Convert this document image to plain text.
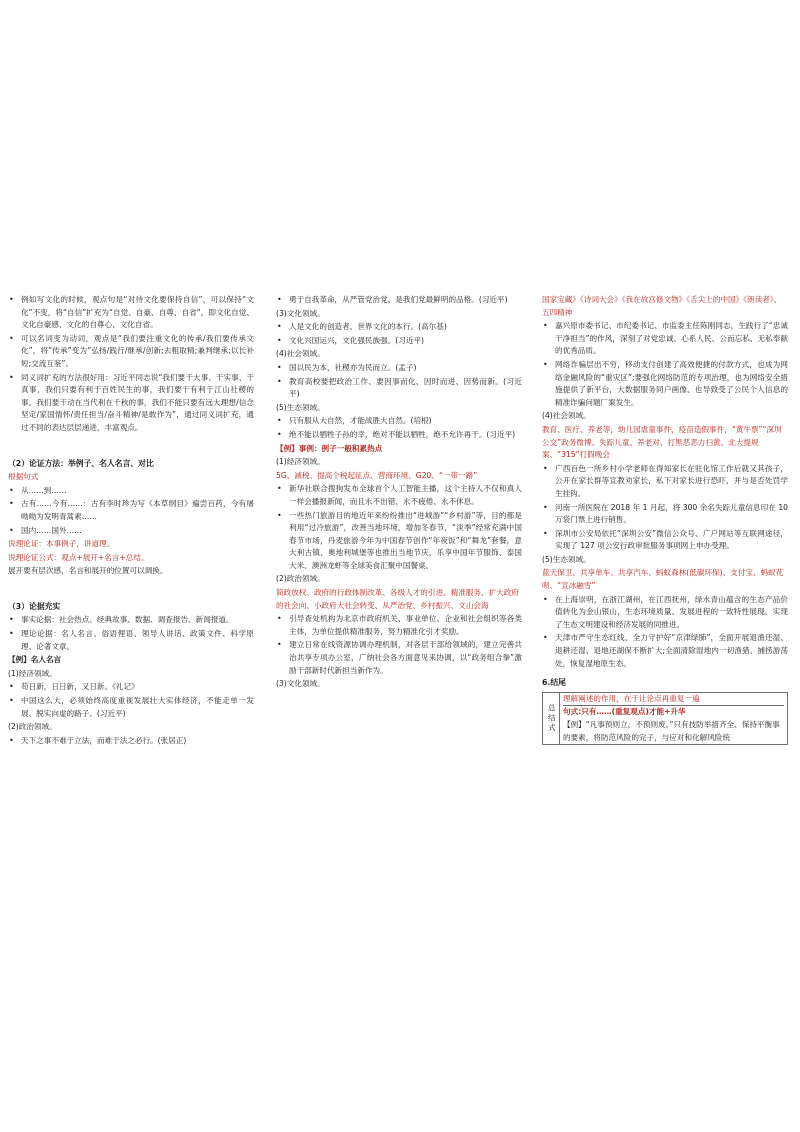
• 例如写文化的时候，观点句是“对待文化要保持自信”，可以保持“文化”不变，将“自信”扩充为“自觉、自豪、自尊、自省”，即文化自觉、文化自豪感、文化的自尊心、文化自省。
• 可以名词变为动词，观点是“我们要注重文化的传承/我们要传承文化”，将“传承”变为“弘扬/践行/继承/创新;去粗取精;兼判继承;以长补短;交流互鉴”。
• 同义词扩充的方法很好用：习近平同志说“我们要干大事、干实事、干真事，我们只要有利于百姓民生的事，我们要干有利于江山社稷的事。我们要干动在当代利在千秋的事，我们不能只要有远大理想/信念坚定/家国情怀/责任担当/奋斗精神/是敢作为”，通过同义词扩充，通过不同的表达层层递进，丰富观点。
（2）论证方法：举例子、名人名言、对比
根据句式
• 从……到……
• 古有……今有……：古有李时珍为写《本草纲目》遍尝百药，今有屠呦呦为发明青蒿素……
• 国内……国外……
说理论证：本事例子，讲道理。
说理论证公式：观点+展开+名言+总结。
展开要有层次感，名言和展开的位置可以调换。
（3）论据充实
• 事实论据：社会热点、经典故事、数据、调查报告、新闻报道。
• 理论论据：名人名言、俗语俚语、领导人讲话、政策文件、科学原理、论著文章。
【例】名人名言
(1)经济领域。
• 苟日新，日日新，又日新。《礼记》
• 中国这么大，必须始终高度重视发展壮大实体经济，不能走单一发展、脱实向虚的路子。(习近平)
(2)政治领域。
• 天下之事不难于立法，而难于法之必行。(张居正)
• 勇于自我革命，从严管党治党，是我们党最鲜明的品格。(习近平)
(3)文化领域。
• 人是文化的创造者、世界文化的本行。(高尔基)
• 文化兴国运兴，文化强民族强。(习近平)
(4)社会领域。
• 国以民为本，社稷亦为民而立。(孟子)
• 教育高校要把政治工作、要因事而化、因时而进、因势而新。(习近平)
(5)生态领域。
• 只有服从大自然，才能战胜大自然。(培根)
• 绝不能以牺牲子孙的幸，绝对不能以牺牲，绝不允许再干。(习近平)
【例】事例：例子一般积累热点
(1)经济领域。
5G、减税、提高个税起征点、营商环境、G20、“一带一路”
• 新华社联合搜狗发布全球首个人工智能主播，这个主持人不仅和真人一样会播报新闻，而且永不出错、永不疲倦、永不休息。
• 一些热门旅游目的地近年来纷纷推出“进城游”“乡村游”等，目的都是利用“过冷旅游”，改善当地环境，增加冬春节，“淡季”经常充满中国春节市场，丹麦旅游今年为中国春节创作“年夜饭”和“舞龙”套餐，意大利古镇、奥地利城堡等也推出当地节庆，乐享中国年节服饰、泰国大米、澳洲龙虾等全球美食汇聚中国餐桌。
(2)政治领域。
简政放权、政府的行政体制改革、各级人才的引进、精准服务、扩大政府的社会向、小政府大社会转变、从严治党、乡村振兴、文山会海
• 引导查处机构为北京市政府机关、事业单位、企业和社会组织等各类主体，为单位提供精准服务，努力精准化引才奖励。
• 建立日常在线资源协调办理机制，对各层干部给领域的，建立完善共治共享专项办公室，广纳社会各方面意见来协调，以“政务组合拳”激励干部新时代新担当新作为。
(3)文化领域。
国家宝藏》《诗词大会》《我在故宫修文物》《舌尖上的中国》《朗读者》、五四精神
• 嘉兴原市委书记、市纪委书记、市监委主任陈刚同志，生践行了“忠诚干净担当”的作风，深刻了对党忠诚、心系人民、公而忘私、无私奉献的优秀品质。
• 网络诈骗层出不穷，移动支付创建了高效便捷的付款方式，也成为网络金融风险的“重灾区”;要强化网络防范的专项治理，也为网络安全措施提供了新平台，大数据服务同户画像、也导致受了公民个人信息的精准诈骗问题厂案发生。
(4)社会领域。
教育、医疗、养老等，幼儿园虐童事件，疫苗造假事件，“黄牛票”“深圳公交”政务微博、失踪儿童、养老对、打黑恶恶力扫黄、北大提规案、“315”打假晚会
• 广西百色一所乡村小学老师在得知家长在驻化馆工作后就又其孩子，公开在家长群等宣教劝家长，私下对家长进行恐吓，并与是否处罚学生挂钩。
• 河南一所医院在 2018 年 1 月起，将 300 余名失踪儿童信息印在 10 万袋门票上进行销售。
• 深圳市公安局依托“深圳公安”微信公众号、广户网站等互联网途径，实现了 127 项公安行政审批服务事项网上申办受理。
(5)生态领域。
蓝天保卫、共享单车、共享汽车、蚂蚁森林(低碳环保)、支付宝、蚂蚁花呗、“宣冰融雪”
• 在上海崇明，在浙江湖州，在江西抚州，绿水青山蕴含的生态产品价值转化为金山银山，生态环境质量、发展进程的一致特性展现，实现了生态文明建设和经济发展的同推进。
• 天津市严守生态红线，全力守护好“京津绿肺”，全面开展退渔还湿、退耕还湿、退地还湖保不断扩大;全面清除湿地内一切渔猎、捕捞游荡处，恢复湿地原生态。
6.结尾
总结式
理解阐述的作用，在于让论点再重复一遍
句式:只有……(重复观点)才能+升华
【例】“凡事预则立，不预则废。”只有技防举措齐全、保持平衡事的要素，将防范风险的完子，与应对和化解风险统
